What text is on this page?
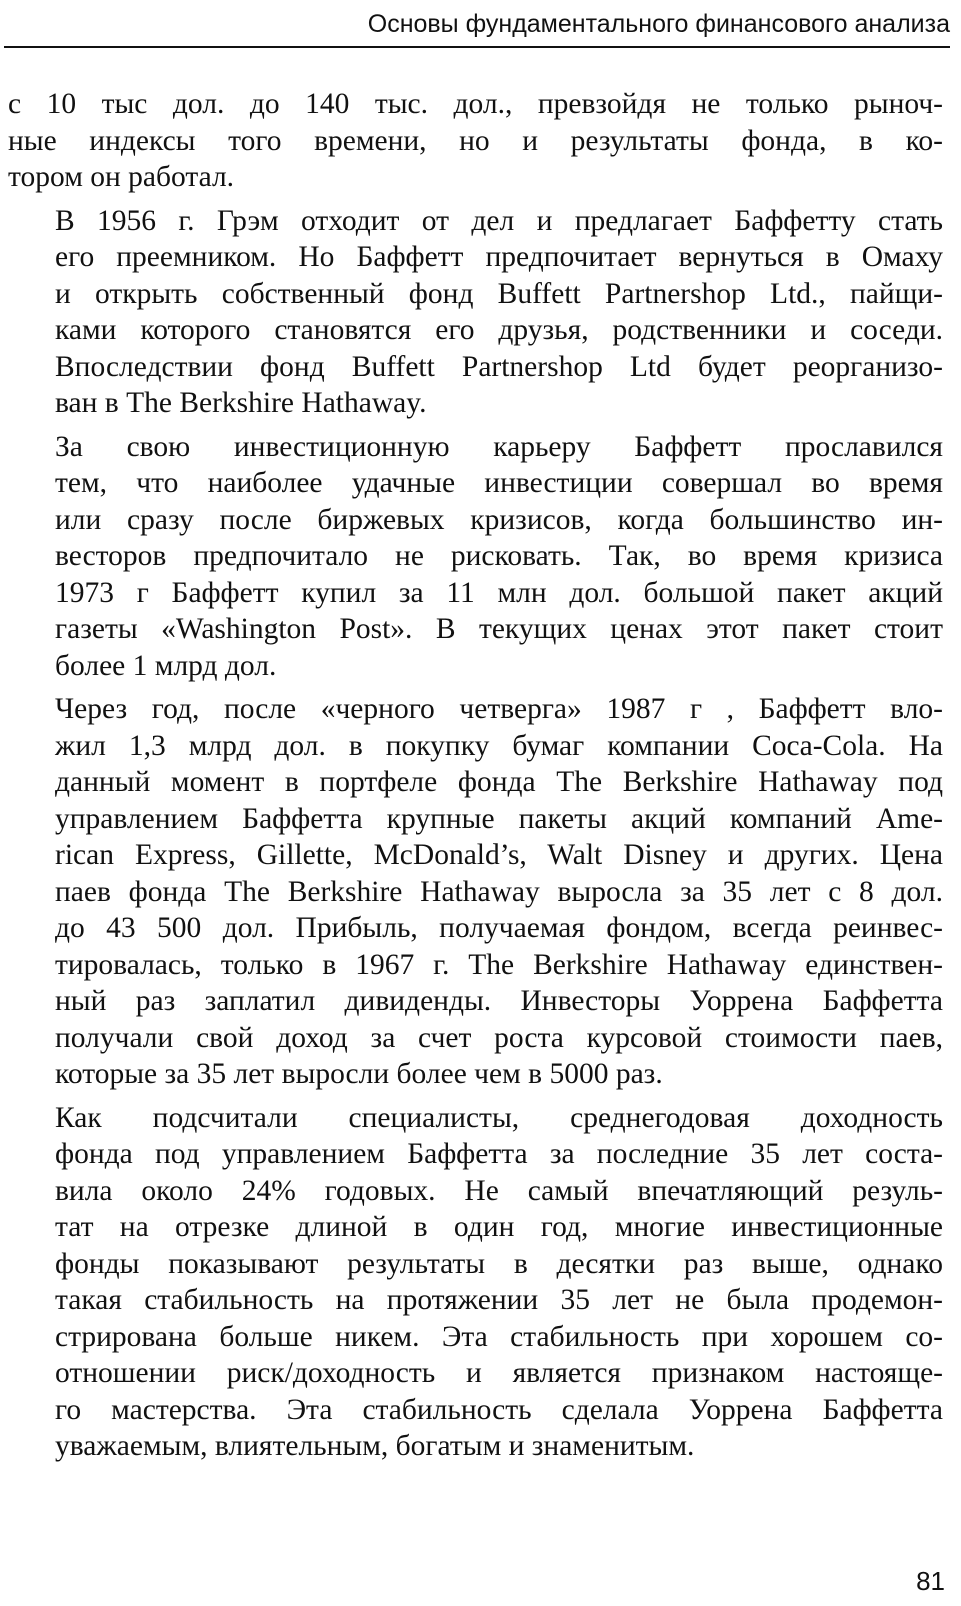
Основы фундаментального финансового анализа

с 10 тыс дол. до 140 тыс. дол., превзойдя не только рыноч-
ные индексы того времени, но и результаты фонда, в ко-
тором он работал.

В 1956 г. Грэм отходит от дел и предлагает Баффетту стать
его преемником. Но Баффетт предпочитает вернуться в Омаху
и открыть собственный фонд Buffett Partnershop Ltd., пайщи-
ками которого становятся его друзья, родственники и соседи.
Впоследствии фонд Buffett Partnershop Ltd будет реорганизо-
ван в The Berkshire Hathaway.

За свою инвестиционную карьеру Баффетт прославился
тем, что наиболее удачные инвестиции совершал во время
или сразу после биржевых кризисов, когда большинство ин-
весторов предпочитало не рисковать. Так, во время кризиса
1973 г Баффетт купил за 11 млн дол. большой пакет акций
газеты «Washington Post». В текущих ценах этот пакет стоит
более 1 млрд дол.

Через год, после «черного четверга» 1987 г , Баффетт вло-
жил 1,3 млрд дол. в покупку бумаг компании Coca-Cola. На
данный момент в портфеле фонда The Berkshire Hathaway под
управлением Баффетта крупные пакеты акций компаний Ame-
rican Express, Gillette, McDonald’s, Walt Disney и других. Цена
паев фонда The Berkshire Hathaway выросла за 35 лет с 8 дол.
до 43 500 дол. Прибыль, получаемая фондом, всегда реинвес-
тировалась, только в 1967 г. The Berkshire Hathaway единствен-
ный раз заплатил дивиденды. Инвесторы Уоррена Баффетта
получали свой доход за счет роста курсовой стоимости паев,
которые за 35 лет выросли более чем в 5000 раз.

Как подсчитали специалисты, среднегодовая доходность
фонда под управлением Баффетта за последние 35 лет соста-
вила около 24% годовых. Не самый впечатляющий резуль-
тат на отрезке длиной в один год, многие инвестиционные
фонды показывают результаты в десятки раз выше, однако
такая стабильность на протяжении 35 лет не была продемон-
стрирована больше никем. Эта стабильность при хорошем со-
отношении риск/доходность и является признаком настояще-
го мастерства. Эта стабильность сделала Уоррена Баффетта
уважаемым, влиятельным, богатым и знаменитым.

81
